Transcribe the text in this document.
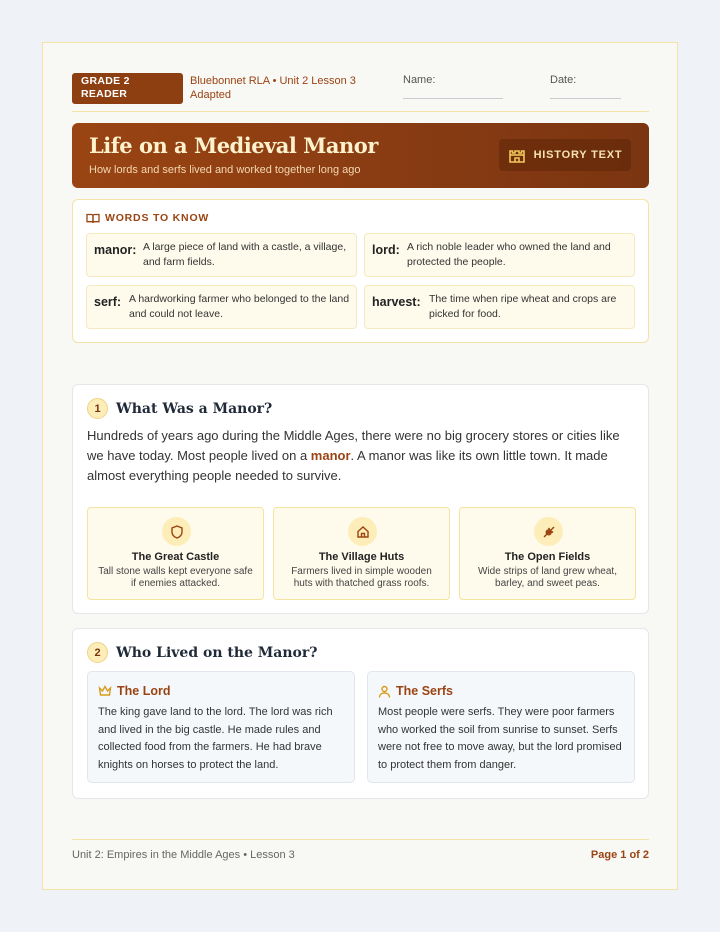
GRADE 2 READER
Bluebonnet RLA • Unit 2 Lesson 3 Adapted
Name:	Date:
Life on a Medieval Manor
How lords and serfs lived and worked together long ago
HISTORY TEXT
WORDS TO KNOW
manor: A large piece of land with a castle, a village, and farm fields.
lord: A rich noble leader who owned the land and protected the people.
serf: A hardworking farmer who belonged to the land and could not leave.
harvest: The time when ripe wheat and crops are picked for food.
1	What Was a Manor?

Hundreds of years ago during the Middle Ages, there were no big grocery stores or cities like we have today. Most people lived on a manor. A manor was like its own little town. It made almost everything people needed to survive.

The Great Castle
Tall stone walls kept everyone safe if enemies attacked.
The Village Huts
Farmers lived in simple wooden huts with thatched grass roofs.
The Open Fields
Wide strips of land grew wheat, barley, and sweet peas.
2	Who Lived on the Manor?
The Lord
The king gave land to the lord. The lord was rich and lived in the big castle. He made rules and collected food from the farmers. He had brave knights on horses to protect the land.
The Serfs
Most people were serfs. They were poor farmers who worked the soil from sunrise to sunset. Serfs were not free to move away, but the lord promised to protect them from danger.
Unit 2: Empires in the Middle Ages • Lesson 3	Page 1 of 2
